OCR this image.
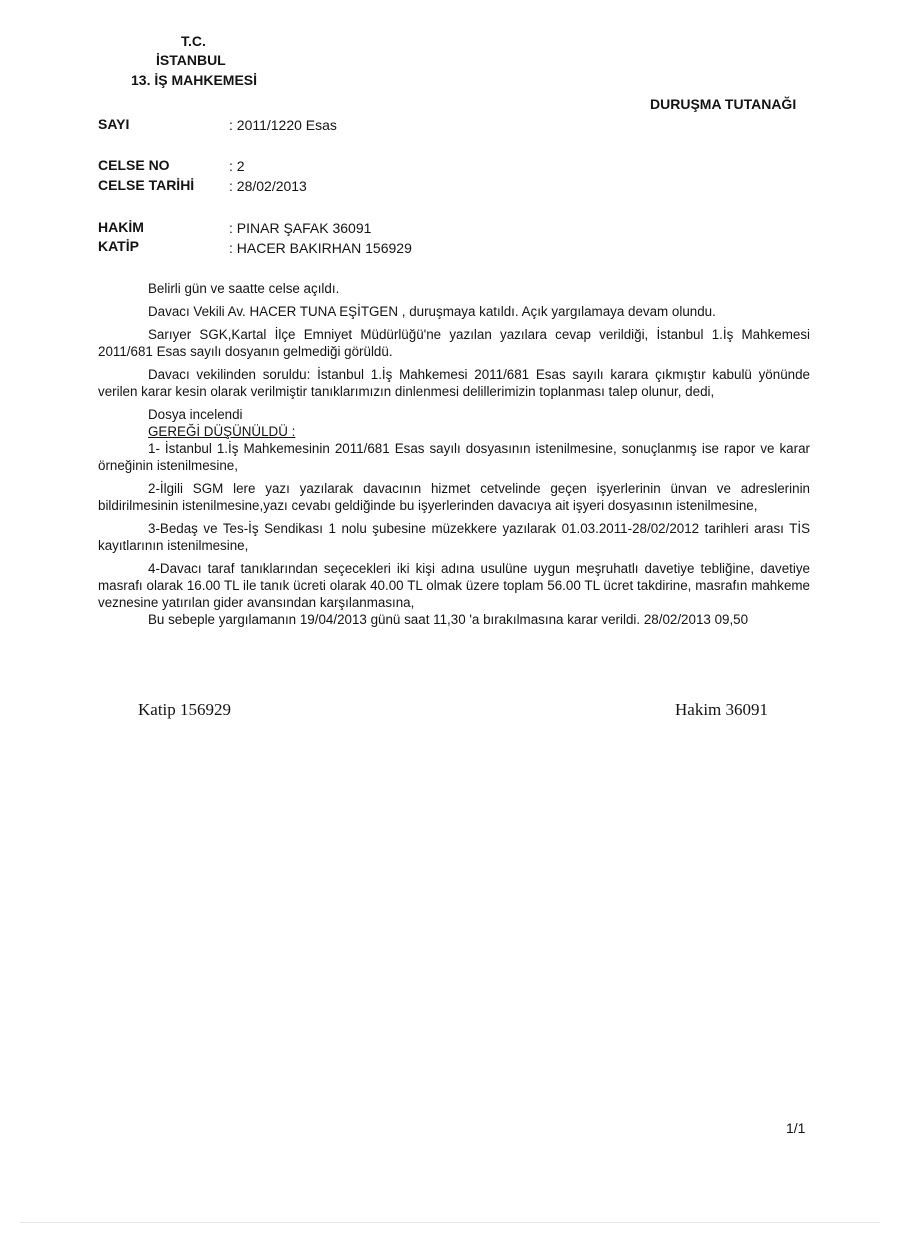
T.C.
İSTANBUL
13. İŞ MAHKEMESİ
DURUŞMA TUTANAĞI
SAYI	: 2011/1220 Esas
CELSE NO	: 2
CELSE TARİHİ : 28/02/2013
HAKİM	: PINAR ŞAFAK 36091
KATİP	: HACER BAKIRHAN 156929

Belirli gün ve saatte celse açıldı.

Davacı Vekili Av. HACER TUNA EŞİTGEN , duruşmaya katıldı. Açık yargılamaya devam olundu.

Sarıyer SGK,Kartal İlçe Emniyet Müdürlüğü'ne yazılan yazılara cevap verildiği, İstanbul 1.İş Mahkemesi 2011/681 Esas sayılı dosyanın gelmediği görüldü.

Davacı vekilinden soruldu: İstanbul 1.İş Mahkemesi 2011/681 Esas sayılı karara çıkmıştır kabulü yönünde verilen karar kesin olarak verilmiştir tanıklarımızın dinlenmesi delillerimizin toplanması talep olunur, dedi,

Dosya incelendi

GEREĞİ DÜŞÜNÜLDÜ :

1- İstanbul 1.İş Mahkemesinin 2011/681 Esas sayılı dosyasının istenilmesine, sonuçlanmış ise rapor ve karar örneğinin istenilmesine,

2-İlgili SGM lere yazı yazılarak davacının hizmet cetvelinde geçen işyerlerinin ünvan ve adreslerinin bildirilmesinin istenilmesine,yazı cevabı geldiğinde bu işyerlerinden davacıya ait işyeri dosyasının istenilmesine,

3-Bedaş ve Tes-İş Sendikası 1 nolu şubesine müzekkere yazılarak 01.03.2011-28/02/2012 tarihleri arası TİS kayıtlarının istenilmesine,

4-Davacı taraf tanıklarından seçecekleri iki kişi adına usulüne uygun meşruhatlı davetiye tebliğine, davetiye masrafı olarak 16.00 TL ile tanık ücreti olarak 40.00 TL olmak üzere toplam 56.00 TL ücret takdirine, masrafın mahkeme veznesine yatırılan gider avansından karşılanmasına,

Bu sebeple yargılamanın 19/04/2013 günü saat 11,30 'a bırakılmasına karar verildi. 28/02/2013 09,50

Katip 156929	Hakim 36091
1/1
